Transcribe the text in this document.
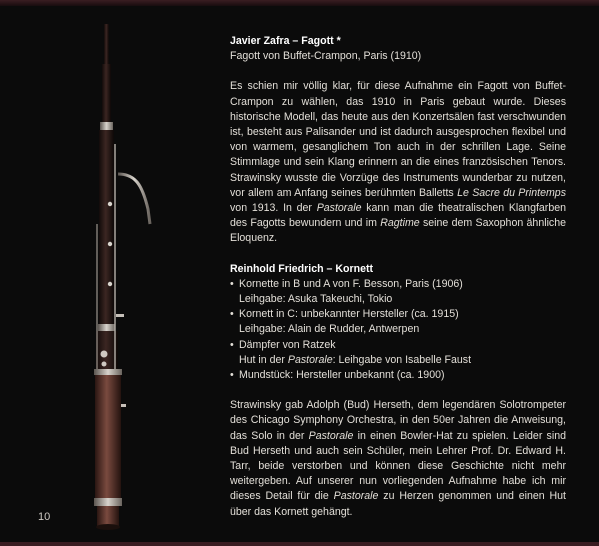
10
Javier Zafra – Fagott *
Fagott von Buffet-Crampon, Paris (1910)

Es schien mir völlig klar, für diese Aufnahme ein Fagott von Buffet-Crampon zu wählen, das 1910 in Paris gebaut wurde. Dieses historische Modell, das heute aus den Konzertsälen fast verschwunden ist, besteht aus Palisander und ist dadurch ausgesprochen flexibel und von warmem, gesanglichem Ton auch in der schrillen Lage. Seine Stimmlage und sein Klang erinnern an die eines französischen Tenors. Strawinsky wusste die Vorzüge des Instruments wunderbar zu nutzen, vor allem am Anfang seines berühmten Balletts Le Sacre du Printemps von 1913. In der Pastorale kann man die theatralischen Klangfarben des Fagotts bewundern und im Ragtime seine dem Saxophon ähnliche Eloquenz.

Reinhold Friedrich – Kornett
• Kornette in B und A von F. Besson, Paris (1906)
Leihgabe: Asuka Takeuchi, Tokio
• Kornett in C: unbekannter Hersteller (ca. 1915)
Leihgabe: Alain de Rudder, Antwerpen
• Dämpfer von Ratzek
Hut in der Pastorale: Leihgabe von Isabelle Faust
• Mundstück: Hersteller unbekannt (ca. 1900)

Strawinsky gab Adolph (Bud) Herseth, dem legendären Solotrompeter des Chicago Symphony Orchestra, in den 50er Jahren die Anweisung, das Solo in der Pastorale in einen Bowler-Hat zu spielen. Leider sind Bud Herseth und auch sein Schüler, mein Lehrer Prof. Dr. Edward H. Tarr, beide verstorben und können diese Geschichte nicht mehr weitergeben. Auf unserer nun vorliegenden Aufnahme habe ich mir dieses Detail für die Pastorale zu Herzen genommen und einen Hut über das Kornett gehängt.
